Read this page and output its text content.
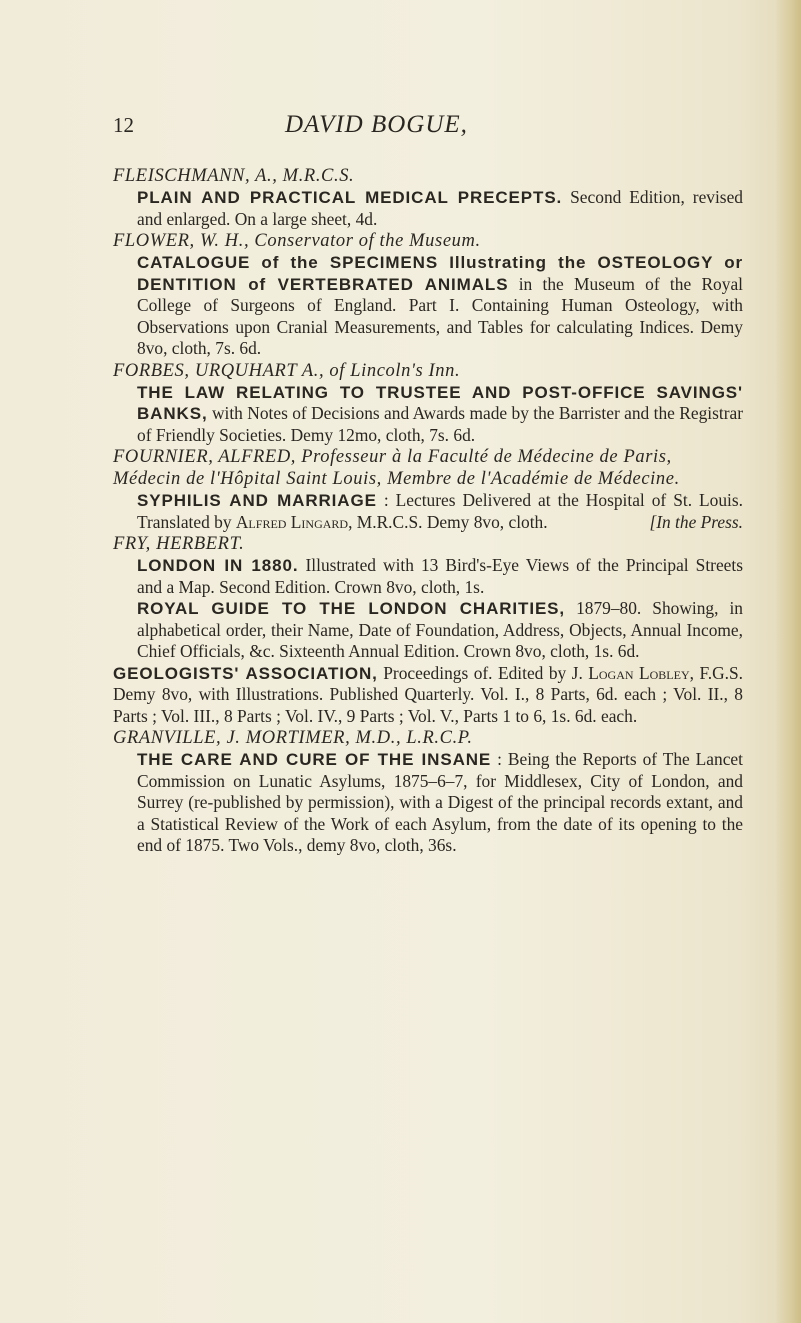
12	DAVID BOGUE,

FLEISCHMANN, A., M.R.C.S.

PLAIN AND PRACTICAL MEDICAL PRECEPTS. Second Edition, revised and enlarged. On a large sheet, 4d.

FLOWER, W. H., Conservator of the Museum.

CATALOGUE of the SPECIMENS Illustrating the OSTEOLOGY or DENTITION of VERTEBRATED ANIMALS in the Museum of the Royal College of Surgeons of England. Part I. Containing Human Osteology, with Observations upon Cranial Measurements, and Tables for calculating Indices. Demy 8vo, cloth, 7s. 6d.

FORBES, URQUHART A., of Lincoln's Inn.

THE LAW RELATING TO TRUSTEE AND POST-OFFICE SAVINGS' BANKS, with Notes of Decisions and Awards made by the Barrister and the Registrar of Friendly Societies. Demy 12mo, cloth, 7s. 6d.

FOURNIER, ALFRED, Professeur à la Faculté de Médecine de Paris, Médecin de l'Hôpital Saint Louis, Membre de l'Académie de Médecine.

SYPHILIS AND MARRIAGE : Lectures Delivered at the Hospital of St. Louis. Translated by Alfred Lingard, M.R.C.S. Demy 8vo, cloth.	[In the Press.

FRY, HERBERT.

LONDON IN 1880. Illustrated with 13 Bird's-Eye Views of the Principal Streets and a Map. Second Edition. Crown 8vo, cloth, 1s.

ROYAL GUIDE TO THE LONDON CHARITIES, 1879–80. Showing, in alphabetical order, their Name, Date of Foundation, Address, Objects, Annual Income, Chief Officials, &c. Sixteenth Annual Edition. Crown 8vo, cloth, 1s. 6d.

GEOLOGISTS' ASSOCIATION, Proceedings of. Edited by J. Logan Lobley, F.G.S. Demy 8vo, with Illustrations. Published Quarterly. Vol. I., 8 Parts, 6d. each ; Vol. II., 8 Parts ; Vol. III., 8 Parts ; Vol. IV., 9 Parts ; Vol. V., Parts 1 to 6, 1s. 6d. each.

GRANVILLE, J. MORTIMER, M.D., L.R.C.P.

THE CARE AND CURE OF THE INSANE : Being the Reports of The Lancet Commission on Lunatic Asylums, 1875–6–7, for Middlesex, City of London, and Surrey (re-published by permission), with a Digest of the principal records extant, and a Statistical Review of the Work of each Asylum, from the date of its opening to the end of 1875. Two Vols., demy 8vo, cloth, 36s.
